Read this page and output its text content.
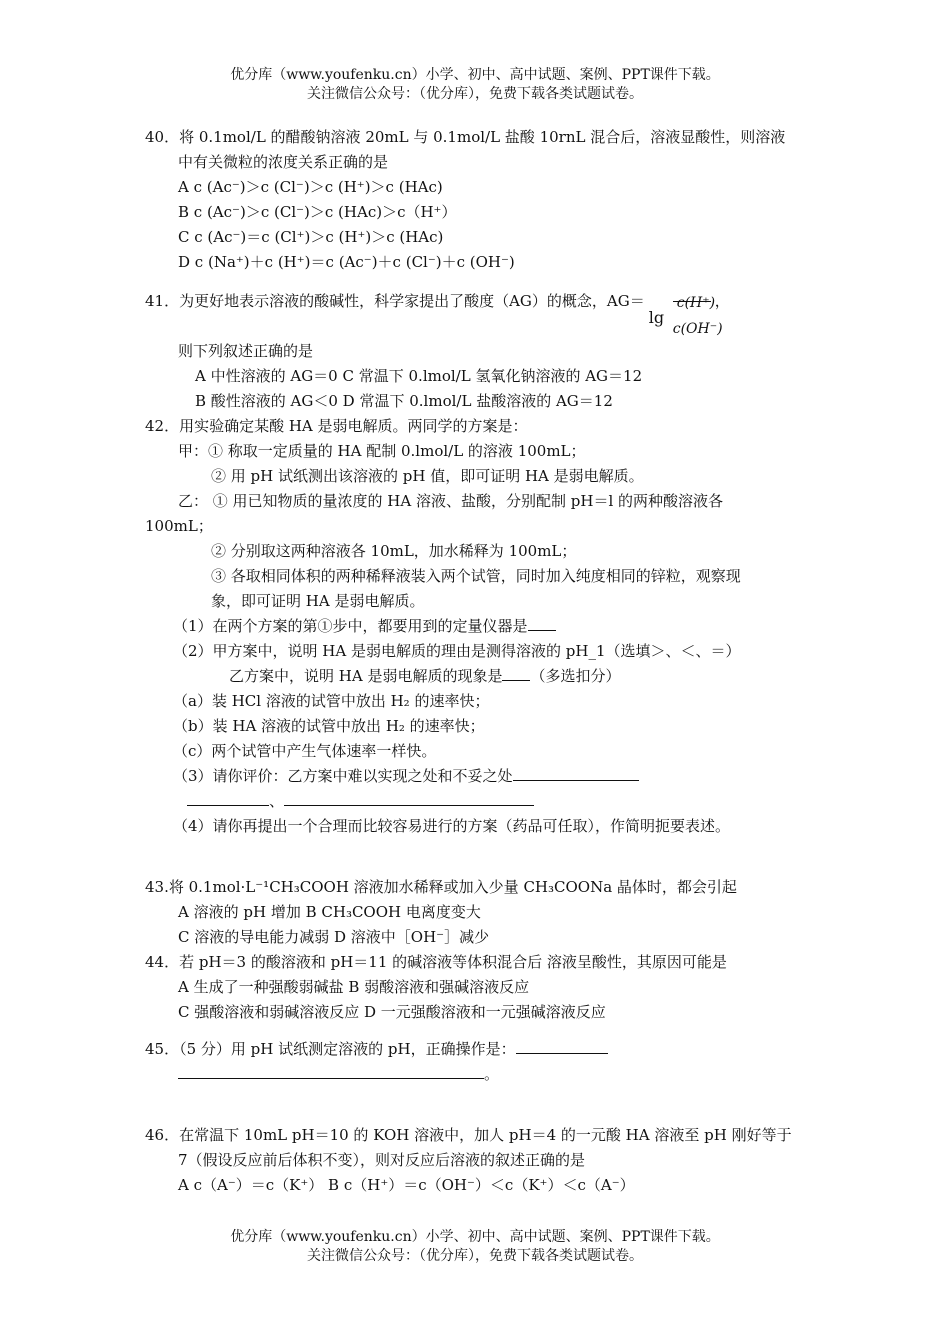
优分库（www.youfenku.cn）小学、初中、高中试题、案例、PPT课件下载。
关注微信公众号：（优分库），免费下载各类试题试卷。
40．将 0.1mol/L 的醋酸钠溶液 20mL 与 0.1mol/L 盐酸 10rnL 混合后，溶液显酸性，则溶液
中有关微粒的浓度关系正确的是
A c (Ac⁻)＞c (Cl⁻)＞c (H⁺)＞c (HAc)
B c (Ac⁻)＞c (Cl⁻)＞c (HAc)＞c（H⁺）
C c (Ac⁻)＝c (Cl⁺)＞c (H⁺)＞c (HAc)
D c (Na⁺)＋c (H⁺)＝c (Ac⁻)＋c (Cl⁻)＋c (OH⁻)
41．为更好地表示溶液的酸碱性，科学家提出了酸度（AG）的概念，AG＝
lg
c(H⁺)
c(OH⁻)
，
则下列叙述正确的是
A 中性溶液的 AG＝0 C 常温下 0.lmol/L 氢氧化钠溶液的 AG＝12
B 酸性溶液的 AG＜0 D 常温下 0.lmol/L 盐酸溶液的 AG＝12
42．用实验确定某酸 HA 是弱电解质。两同学的方案是：
甲：① 称取一定质量的 HA 配制 0.lmol/L 的溶液 100mL；
② 用 pH 试纸测出该溶液的 pH 值，即可证明 HA 是弱电解质。
乙： ① 用已知物质的量浓度的 HA 溶液、盐酸，分别配制 pH＝l 的两种酸溶液各
100mL；
② 分别取这两种溶液各 10mL，加水稀释为 100mL；
③ 各取相同体积的两种稀释液装入两个试管，同时加入纯度相同的锌粒，观察现
象，即可证明 HA 是弱电解质。
（1）在两个方案的第①步中，都要用到的定量仪器是
（2）甲方案中，说明 HA 是弱电解质的理由是测得溶液的 pH_1（选填＞、＜、＝）
乙方案中，说明 HA 是弱电解质的现象是 （多选扣分）
（a）装 HCl 溶液的试管中放出 H₂ 的速率快；
（b）装 HA 溶液的试管中放出 H₂ 的速率快；
（c）两个试管中产生气体速率一样快。
（3）请你评价：乙方案中难以实现之处和不妥之处
、
（4）请你再提出一个合理而比较容易进行的方案（药品可任取），作简明扼要表述。
43.将 0.1mol·L⁻¹CH₃COOH 溶液加水稀释或加入少量 CH₃COONa 晶体时，都会引起
A 溶液的 pH 增加 B CH₃COOH 电离度变大
C 溶液的导电能力减弱 D 溶液中［OH⁻］减少
44．若 pH＝3 的酸溶液和 pH＝11 的碱溶液等体积混合后 溶液呈酸性，其原因可能是
A 生成了一种强酸弱碱盐 B 弱酸溶液和强碱溶液反应
C 强酸溶液和弱碱溶液反应 D 一元强酸溶液和一元强碱溶液反应
45．（5 分）用 pH 试纸测定溶液的 pH，正确操作是：
。
46．在常温下 10mL pH＝10 的 KOH 溶液中，加人 pH＝4 的一元酸 HA 溶液至 pH 刚好等于
7（假设反应前后体积不变），则对反应后溶液的叙述正确的是
A c（A⁻）＝c（K⁺） B c（H⁺）＝c（OH⁻）＜c（K⁺）＜c（A⁻）
优分库（www.youfenku.cn）小学、初中、高中试题、案例、PPT课件下载。
关注微信公众号：（优分库），免费下载各类试题试卷。
